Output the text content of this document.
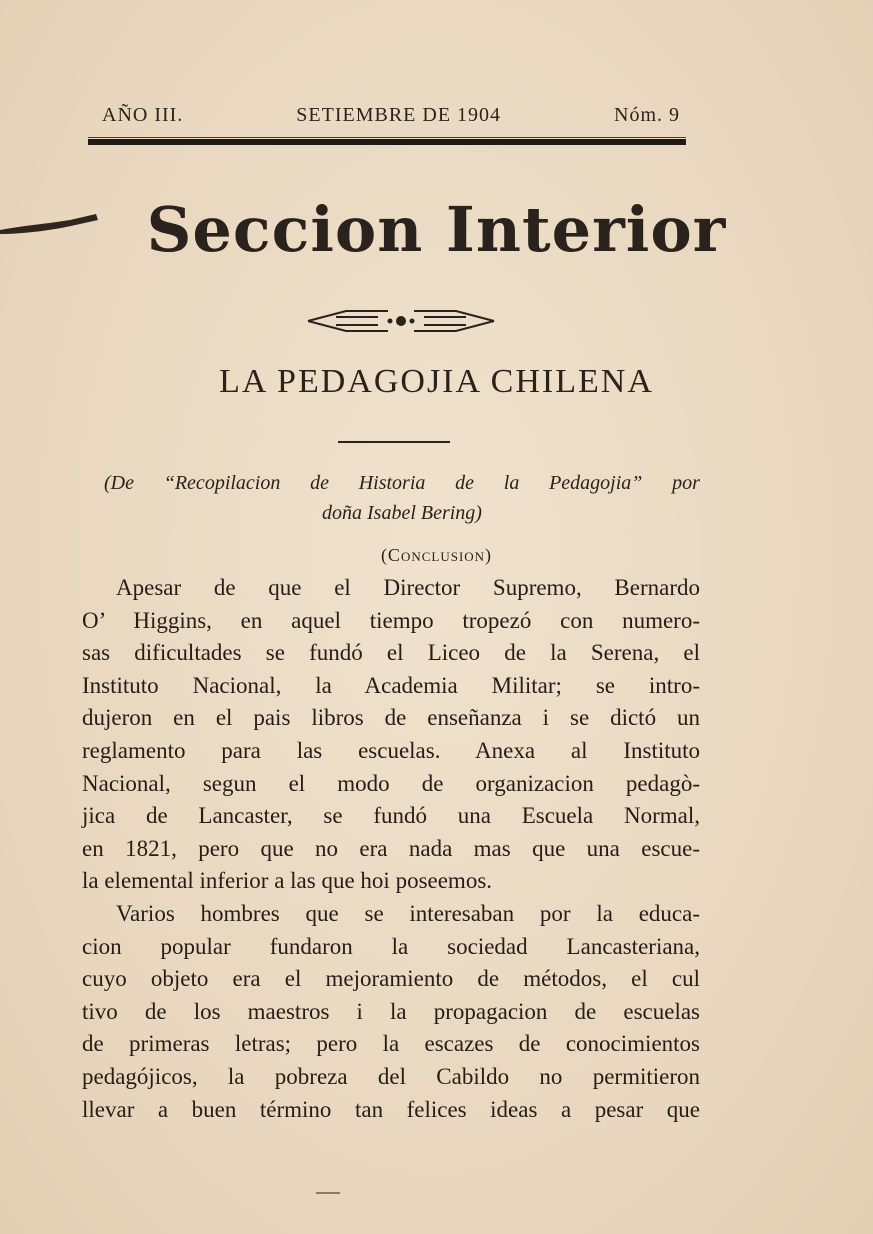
AÑO III.	SETIEMBRE DE 1904	Nóm. 9
Seccion Interior
LA PEDAGOJIA CHILENA
(De “Recopilacion de Historia de la Pedagojia” por
doña Isabel Bering)
(Conclusion)
Apesar de que el Director Supremo, Bernardo
O’ Higgins, en aquel tiempo tropezó con numero-
sas dificultades se fundó el Liceo de la Serena, el
Instituto Nacional, la Academia Militar; se intro-
dujeron en el pais libros de enseñanza i se dictó un
reglamento para las escuelas. Anexa al Instituto
Nacional, segun el modo de organizacion pedagò-
jica de Lancaster, se fundó una Escuela Normal,
en 1821, pero que no era nada mas que una escue-
la elemental inferior a las que hoi poseemos.
Varios hombres que se interesaban por la educa-
cion popular fundaron la sociedad Lancasteriana,
cuyo objeto era el mejoramiento de métodos, el cul
tivo de los maestros i la propagacion de escuelas
de primeras letras; pero la escazes de conocimientos
pedagójicos, la pobreza del Cabildo no permitieron
llevar a buen término tan felices ideas a pesar que
